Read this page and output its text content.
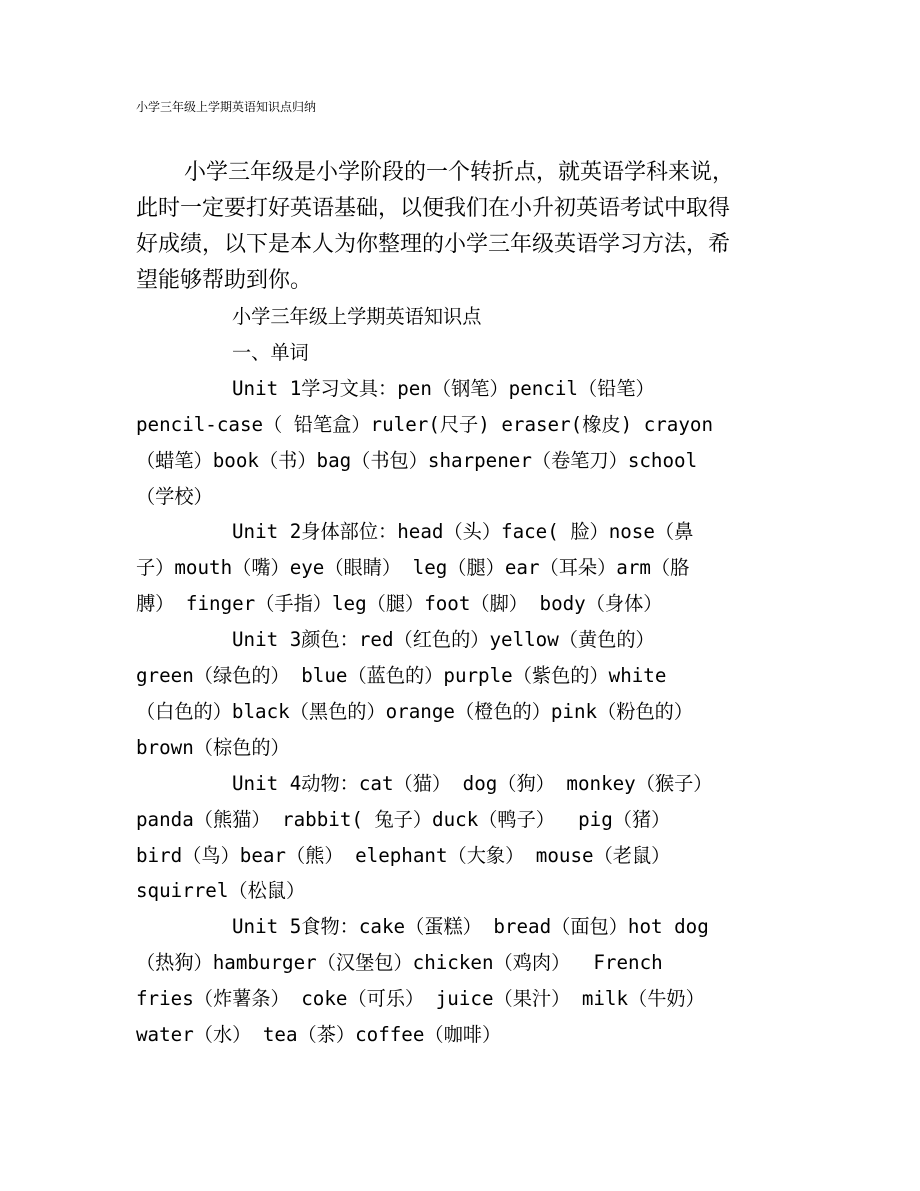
小学三年级上学期英语知识点归纳
小学三年级是小学阶段的一个转折点，就英语学科来说，
此时一定要打好英语基础，以便我们在小升初英语考试中取得
好成绩，以下是本人为你整理的小学三年级英语学习方法，希
望能够帮助到你。
小学三年级上学期英语知识点
一、单词
Unit 1学习文具：pen（钢笔）pencil（铅笔）
pencil-case（ 铅笔盒）ruler(尺子) eraser(橡皮) crayon
（蜡笔）book（书）bag（书包）sharpener（卷笔刀）school
（学校）
Unit 2身体部位：head（头）face( 脸）nose（鼻
子）mouth（嘴）eye（眼睛） leg（腿）ear（耳朵）arm（胳
膊） finger（手指）leg（腿）foot（脚） body（身体）
Unit 3颜色：red（红色的）yellow（黄色的）
green（绿色的） blue（蓝色的）purple（紫色的）white
（白色的）black（黑色的）orange（橙色的）pink（粉色的）
brown（棕色的）
Unit 4动物：cat（猫） dog（狗） monkey（猴子）
panda（熊猫） rabbit( 兔子）duck（鸭子）  pig（猪）
bird（鸟）bear（熊） elephant（大象） mouse（老鼠）
squirrel（松鼠）
Unit 5食物：cake（蛋糕） bread（面包）hot dog
（热狗）hamburger（汉堡包）chicken（鸡肉）  French
fries（炸薯条） coke（可乐） juice（果汁） milk（牛奶）
water（水） tea（茶）coffee（咖啡）
